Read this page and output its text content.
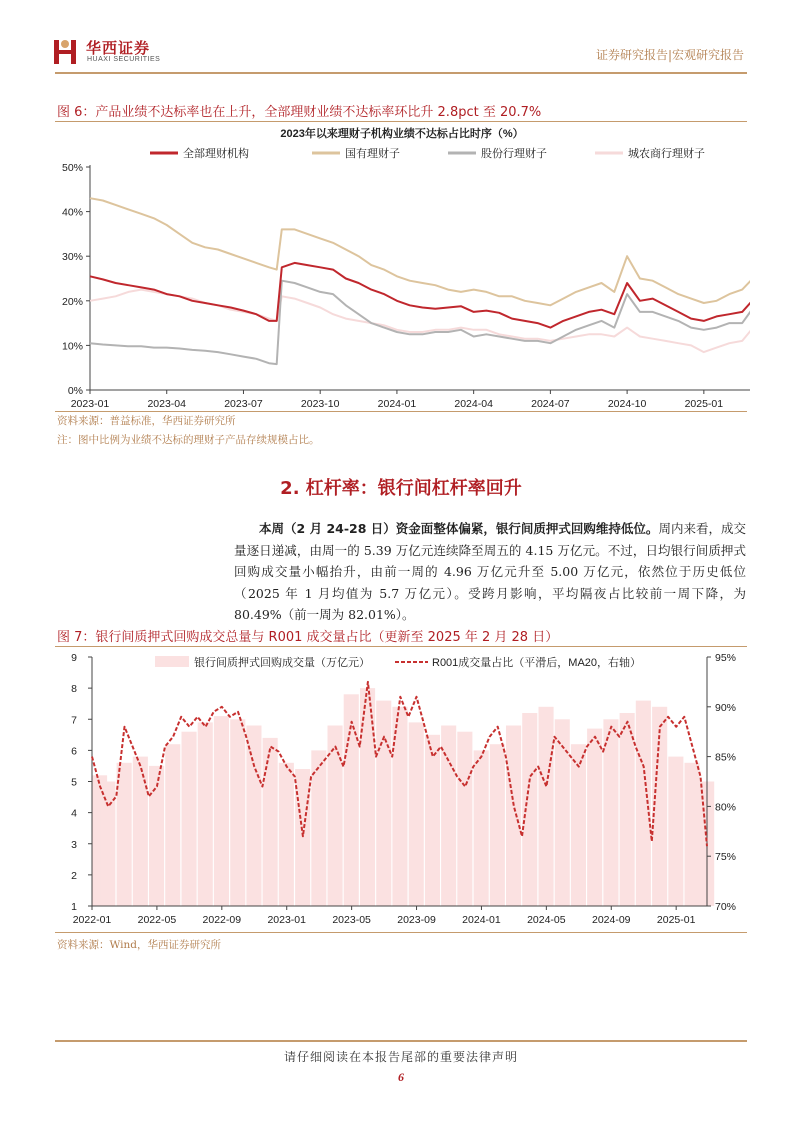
华西证券
HUAXI SECURITIES	证券研究报告|宏观研究报告
图 6：产品业绩不达标率也在上升，全部理财业绩不达标率环比升 2.8pct 至 20.7%
2023年以来理财子机构业绩不达标占比时序（%）
全部理财机构	国有理财子	股份行理财子	城农商行理财子
0%
10%
20%
30%
40%
50%
2023-01	2023-04	2023-07	2023-10	2024-01	2024-04	2024-07	2024-10	2025-01
资料来源：普益标准，华西证券研究所
注：图中比例为业绩不达标的理财子产品存续规模占比。
2. 杠杆率：银行间杠杆率回升
本周（2 月 24-28 日）资金面整体偏紧，银行间质押式回购维持低位。周内来看，成交量逐日递减，由周一的 5.39 万亿元连续降至周五的 4.15 万亿元。不过，日均银行间质押式回购成交量小幅抬升，由前一周的 4.96 万亿元升至 5.00 万亿元，依然位于历史低位（2025 年 1 月均值为 5.7 万亿元）。受跨月影响，平均隔夜占比较前一周下降，为 80.49%（前一周为 82.01%）。
图 7：银行间质押式回购成交总量与 R001 成交量占比（更新至 2025 年 2 月 28 日）
1
2
3
4
5
6
7
8
9
70%
75%
80%
85%
90%
95%
2022-01	2022-05	2022-09	2023-01	2023-05	2023-09	2024-01	2024-05	2024-09	2025-01
银行间质押式回购成交量（万亿元）	R001成交量占比（平滑后，MA20，右轴）
资料来源：Wind，华西证券研究所
请仔细阅读在本报告尾部的重要法律声明
6
